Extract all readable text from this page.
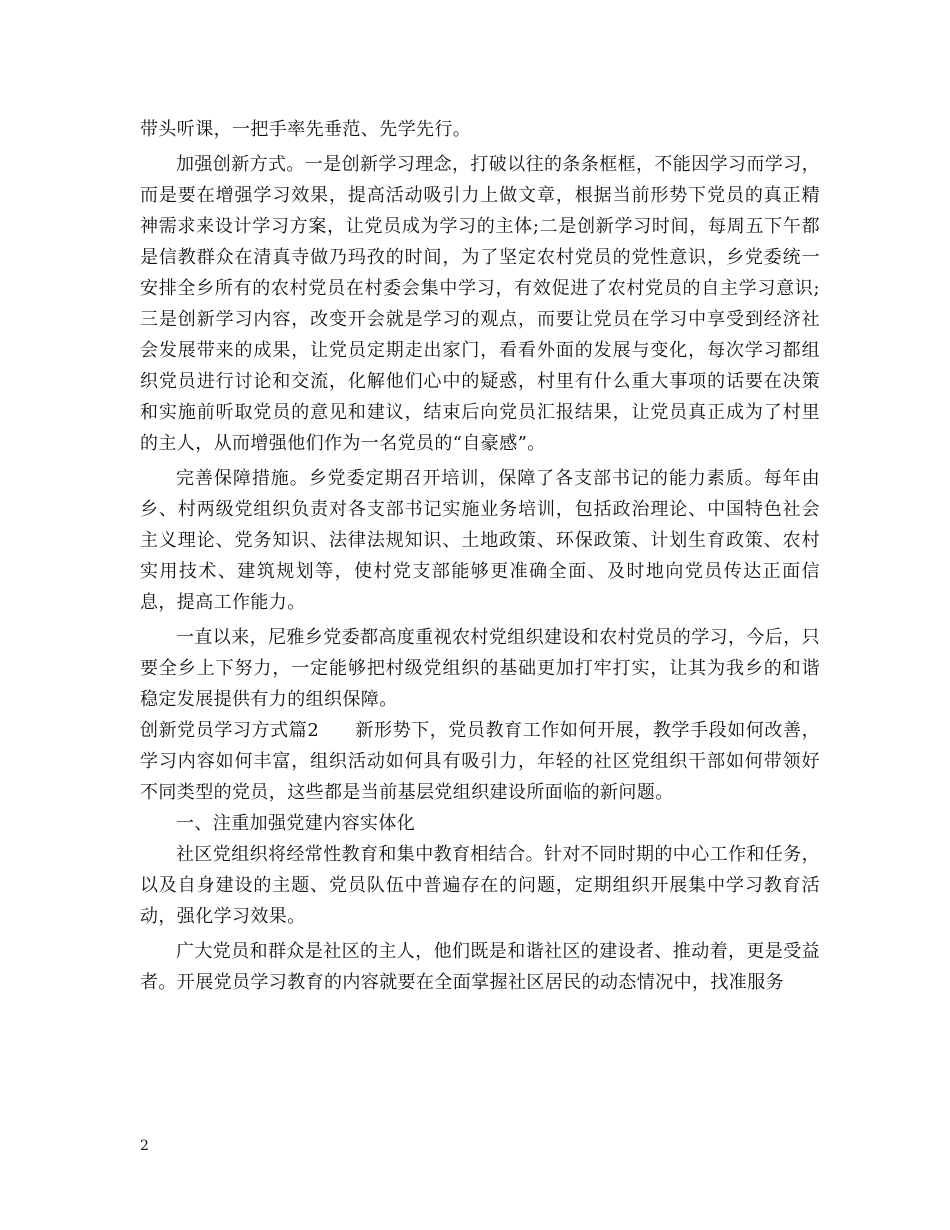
带头听课，一把手率先垂范、先学先行。

加强创新方式。一是创新学习理念，打破以往的条条框框，不能因学习而学习，而是要在增强学习效果，提高活动吸引力上做文章，根据当前形势下党员的真正精神需求来设计学习方案，让党员成为学习的主体;二是创新学习时间，每周五下午都是信教群众在清真寺做乃玛孜的时间，为了坚定农村党员的党性意识，乡党委统一安排全乡所有的农村党员在村委会集中学习，有效促进了农村党员的自主学习意识;三是创新学习内容，改变开会就是学习的观点，而要让党员在学习中享受到经济社会发展带来的成果，让党员定期走出家门，看看外面的发展与变化，每次学习都组织党员进行讨论和交流，化解他们心中的疑惑，村里有什么重大事项的话要在决策和实施前听取党员的意见和建议，结束后向党员汇报结果，让党员真正成为了村里的主人，从而增强他们作为一名党员的“自豪感”。

完善保障措施。乡党委定期召开培训，保障了各支部书记的能力素质。每年由乡、村两级党组织负责对各支部书记实施业务培训，包括政治理论、中国特色社会主义理论、党务知识、法律法规知识、土地政策、环保政策、计划生育政策、农村实用技术、建筑规划等，使村党支部能够更准确全面、及时地向党员传达正面信息，提高工作能力。

一直以来，尼雅乡党委都高度重视农村党组织建设和农村党员的学习，今后，只要全乡上下努力，一定能够把村级党组织的基础更加打牢打实，让其为我乡的和谐稳定发展提供有力的组织保障。

创新党员学习方式篇2 新形势下，党员教育工作如何开展，教学手段如何改善，学习内容如何丰富，组织活动如何具有吸引力，年轻的社区党组织干部如何带领好不同类型的党员，这些都是当前基层党组织建设所面临的新问题。

一、注重加强党建内容实体化

社区党组织将经常性教育和集中教育相结合。针对不同时期的中心工作和任务，以及自身建设的主题、党员队伍中普遍存在的问题，定期组织开展集中学习教育活动，强化学习效果。

广大党员和群众是社区的主人，他们既是和谐社区的建设者、推动着，更是受益者。开展党员学习教育的内容就要在全面掌握社区居民的动态情况中，找准服务

2
